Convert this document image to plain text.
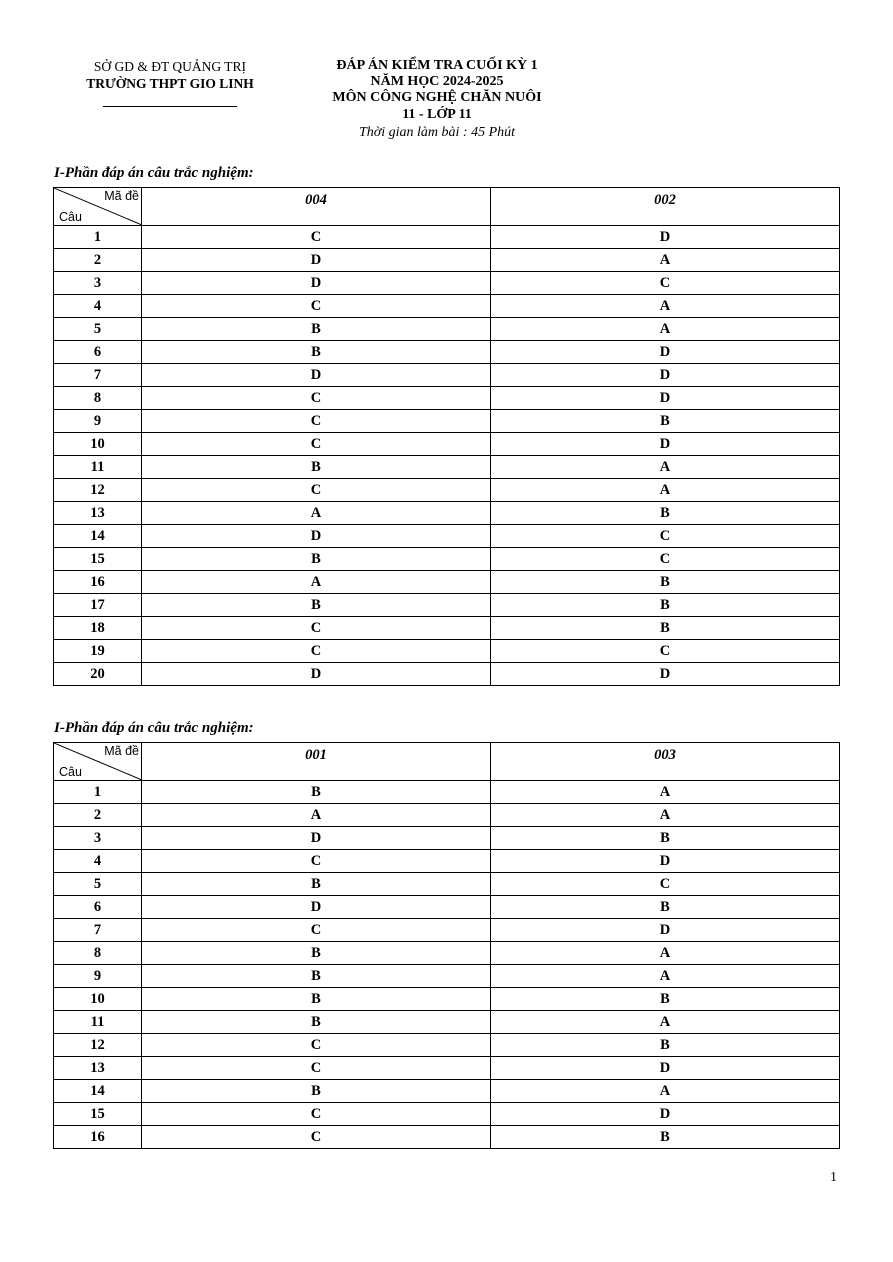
SỞ GD & ĐT QUẢNG TRỊ
TRƯỜNG THPT GIO LINH
ĐÁP ÁN KIỂM TRA CUỐI KỲ 1
NĂM HỌC 2024-2025
MÔN CÔNG NGHỆ CHĂN NUÔI
11 - LỚP 11
Thời gian làm bài : 45 Phút
I-Phần đáp án câu trắc nghiệm:
Mã đề
Câu	004	002

1	C	D
2	D	A
3	D	C
4	C	A
5	B	A
6	B	D
7	D	D
8	C	D
9	C	B
10	C	D
11	B	A
12	C	A
13	A	B
14	D	C
15	B	C
16	A	B
17	B	B
18	C	B
19	C	C
20	D	D
I-Phần đáp án câu trắc nghiệm:
Mã đề
Câu	001	003

1	B	A
2	A	A
3	D	B
4	C	D
5	B	C
6	D	B
7	C	D
8	B	A
9	B	A
10	B	B
11	B	A
12	C	B
13	C	D
14	B	A
15	C	D
16	C	B
1
